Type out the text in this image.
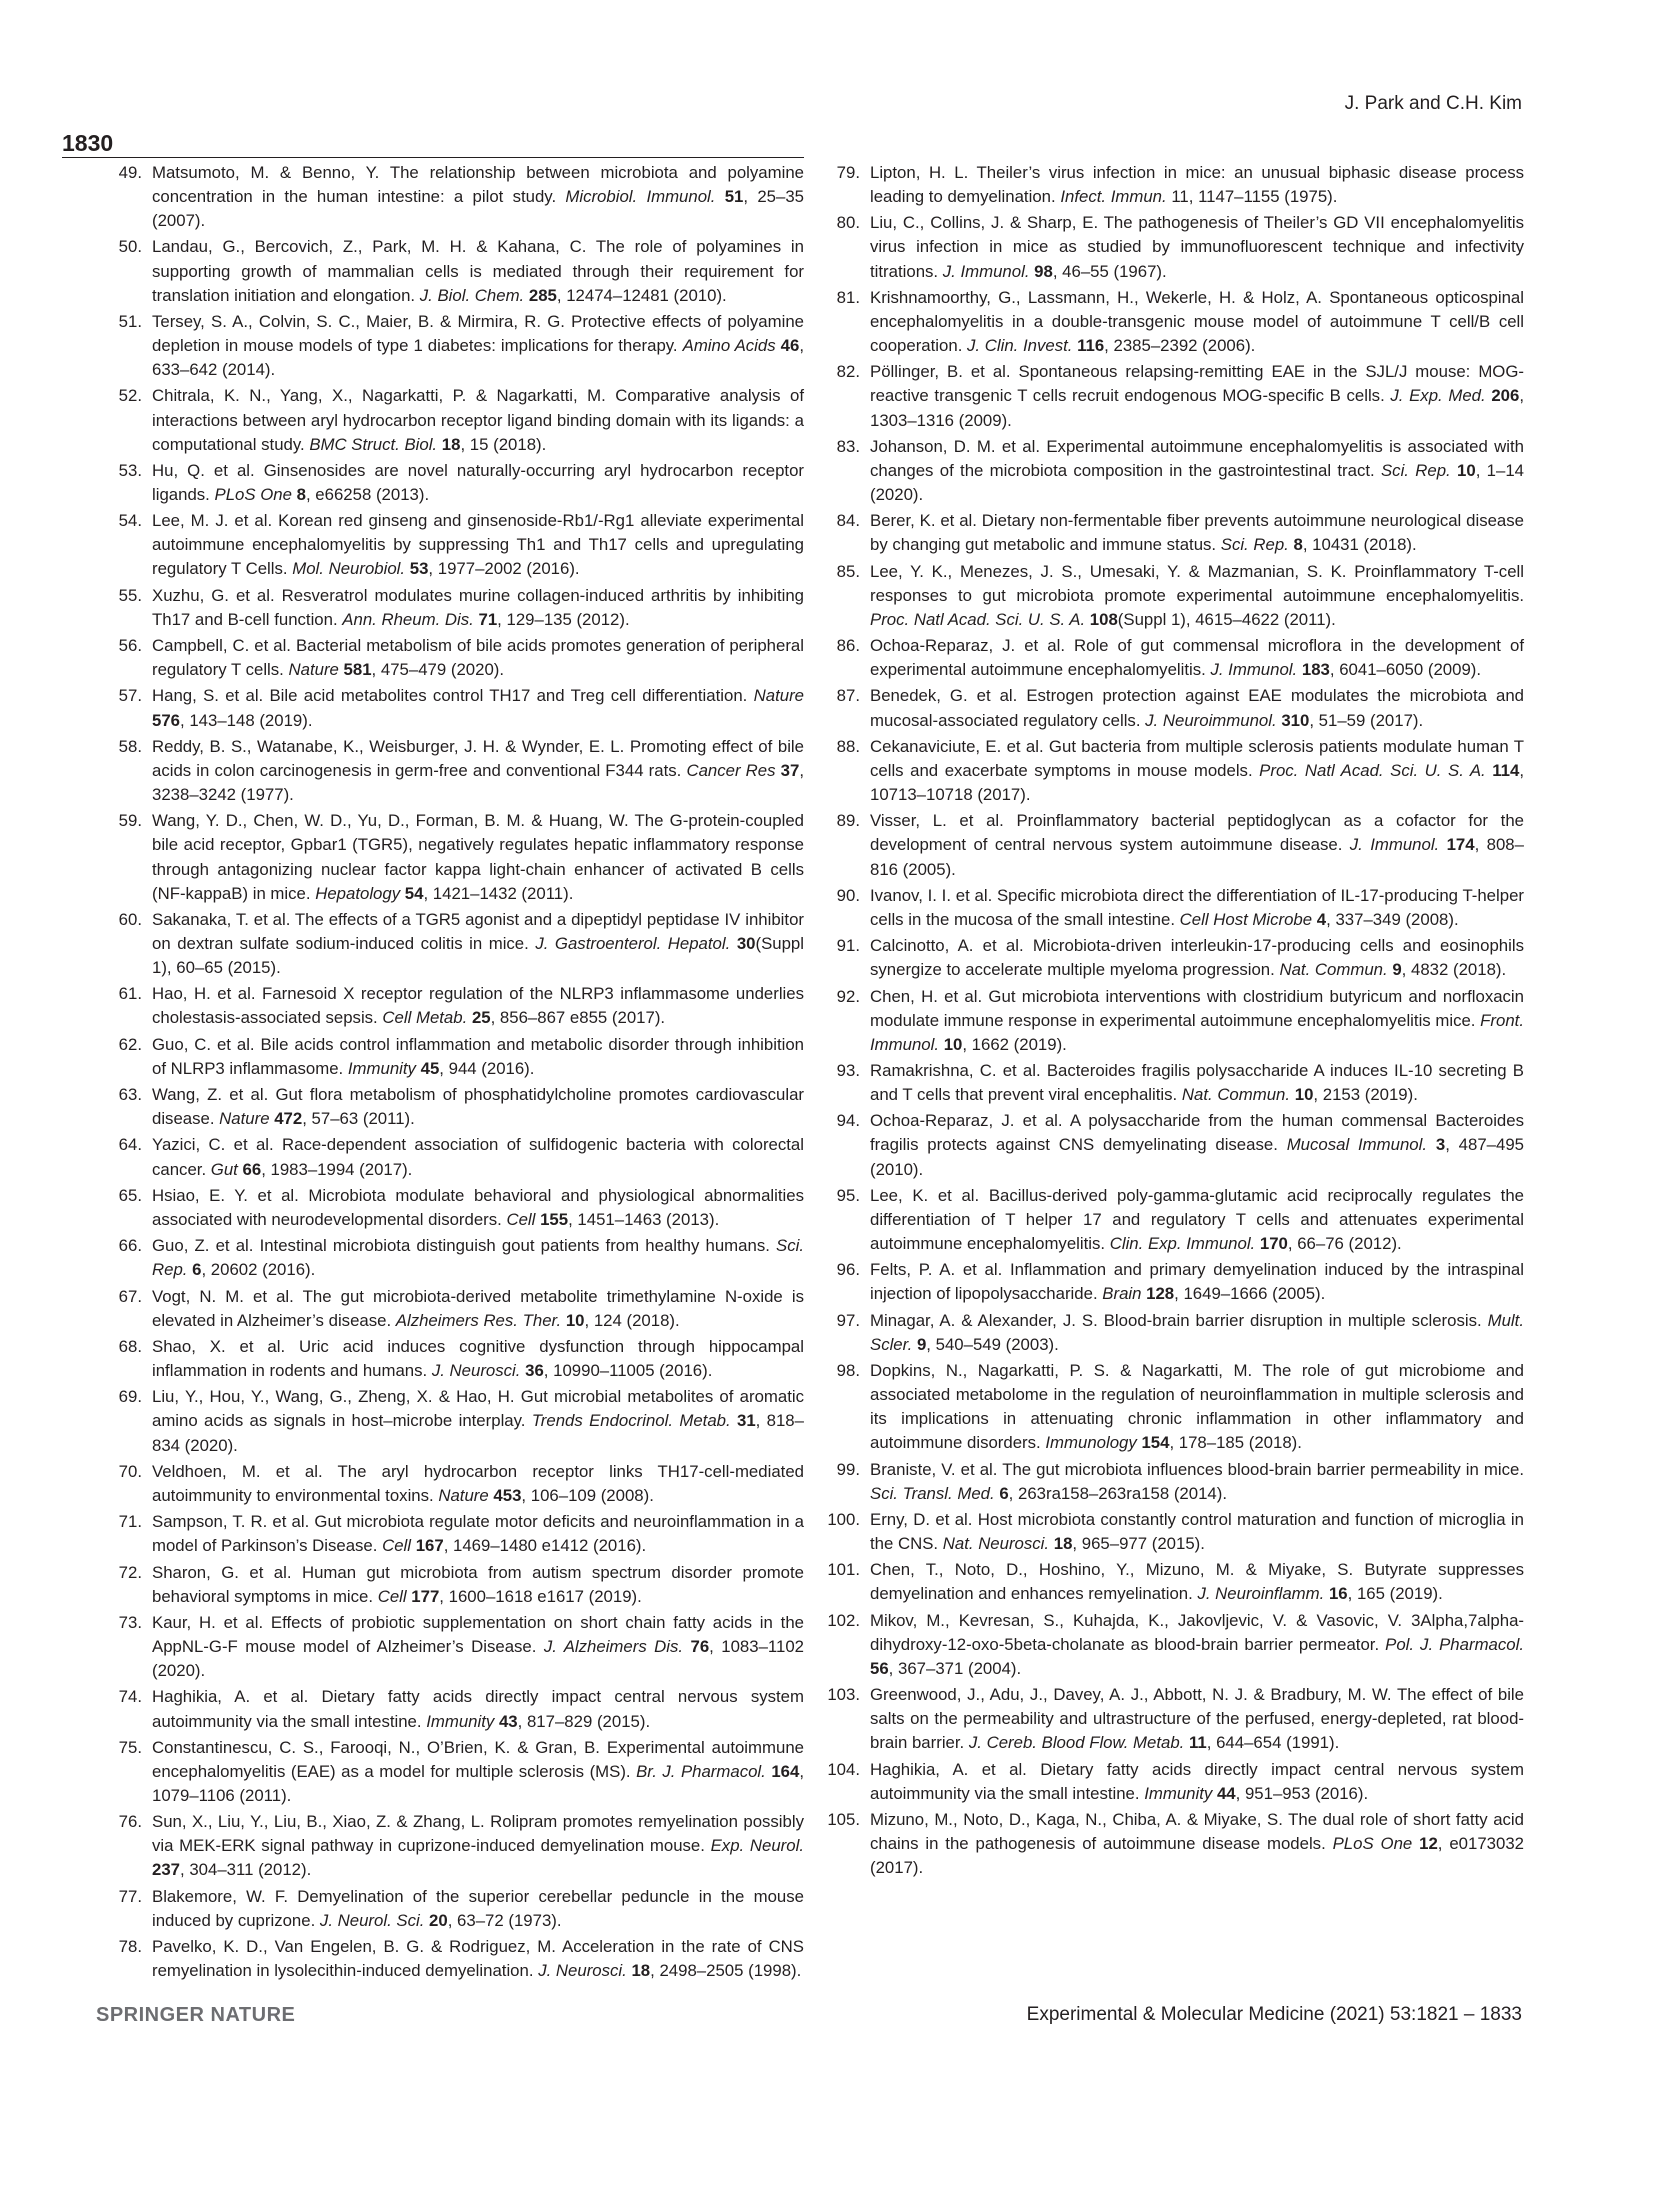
J. Park and C.H. Kim
1830
49. Matsumoto, M. & Benno, Y. The relationship between microbiota and polyamine concentration in the human intestine: a pilot study. Microbiol. Immunol. 51, 25–35 (2007).
50. Landau, G., Bercovich, Z., Park, M. H. & Kahana, C. The role of polyamines in supporting growth of mammalian cells is mediated through their requirement for translation initiation and elongation. J. Biol. Chem. 285, 12474–12481 (2010).
51. Tersey, S. A., Colvin, S. C., Maier, B. & Mirmira, R. G. Protective effects of polyamine depletion in mouse models of type 1 diabetes: implications for therapy. Amino Acids 46, 633–642 (2014).
52. Chitrala, K. N., Yang, X., Nagarkatti, P. & Nagarkatti, M. Comparative analysis of interactions between aryl hydrocarbon receptor ligand binding domain with its ligands: a computational study. BMC Struct. Biol. 18, 15 (2018).
53. Hu, Q. et al. Ginsenosides are novel naturally-occurring aryl hydrocarbon receptor ligands. PLoS One 8, e66258 (2013).
54. Lee, M. J. et al. Korean red ginseng and ginsenoside-Rb1/-Rg1 alleviate experimental autoimmune encephalomyelitis by suppressing Th1 and Th17 cells and upregulating regulatory T Cells. Mol. Neurobiol. 53, 1977–2002 (2016).
55. Xuzhu, G. et al. Resveratrol modulates murine collagen-induced arthritis by inhibiting Th17 and B-cell function. Ann. Rheum. Dis. 71, 129–135 (2012).
56. Campbell, C. et al. Bacterial metabolism of bile acids promotes generation of peripheral regulatory T cells. Nature 581, 475–479 (2020).
57. Hang, S. et al. Bile acid metabolites control TH17 and Treg cell differentiation. Nature 576, 143–148 (2019).
58. Reddy, B. S., Watanabe, K., Weisburger, J. H. & Wynder, E. L. Promoting effect of bile acids in colon carcinogenesis in germ-free and conventional F344 rats. Cancer Res 37, 3238–3242 (1977).
59. Wang, Y. D., Chen, W. D., Yu, D., Forman, B. M. & Huang, W. The G-protein-coupled bile acid receptor, Gpbar1 (TGR5), negatively regulates hepatic inflammatory response through antagonizing nuclear factor kappa light-chain enhancer of activated B cells (NF-kappaB) in mice. Hepatology 54, 1421–1432 (2011).
60. Sakanaka, T. et al. The effects of a TGR5 agonist and a dipeptidyl peptidase IV inhibitor on dextran sulfate sodium-induced colitis in mice. J. Gastroenterol. Hepatol. 30(Suppl 1), 60–65 (2015).
61. Hao, H. et al. Farnesoid X receptor regulation of the NLRP3 inflammasome underlies cholestasis-associated sepsis. Cell Metab. 25, 856–867 e855 (2017).
62. Guo, C. et al. Bile acids control inflammation and metabolic disorder through inhibition of NLRP3 inflammasome. Immunity 45, 944 (2016).
63. Wang, Z. et al. Gut flora metabolism of phosphatidylcholine promotes cardiovascular disease. Nature 472, 57–63 (2011).
64. Yazici, C. et al. Race-dependent association of sulfidogenic bacteria with colorectal cancer. Gut 66, 1983–1994 (2017).
65. Hsiao, E. Y. et al. Microbiota modulate behavioral and physiological abnormalities associated with neurodevelopmental disorders. Cell 155, 1451–1463 (2013).
66. Guo, Z. et al. Intestinal microbiota distinguish gout patients from healthy humans. Sci. Rep. 6, 20602 (2016).
67. Vogt, N. M. et al. The gut microbiota-derived metabolite trimethylamine N-oxide is elevated in Alzheimer’s disease. Alzheimers Res. Ther. 10, 124 (2018).
68. Shao, X. et al. Uric acid induces cognitive dysfunction through hippocampal inflammation in rodents and humans. J. Neurosci. 36, 10990–11005 (2016).
69. Liu, Y., Hou, Y., Wang, G., Zheng, X. & Hao, H. Gut microbial metabolites of aromatic amino acids as signals in host–microbe interplay. Trends Endocrinol. Metab. 31, 818–834 (2020).
70. Veldhoen, M. et al. The aryl hydrocarbon receptor links TH17-cell-mediated autoimmunity to environmental toxins. Nature 453, 106–109 (2008).
71. Sampson, T. R. et al. Gut microbiota regulate motor deficits and neuroinflammation in a model of Parkinson’s Disease. Cell 167, 1469–1480 e1412 (2016).
72. Sharon, G. et al. Human gut microbiota from autism spectrum disorder promote behavioral symptoms in mice. Cell 177, 1600–1618 e1617 (2019).
73. Kaur, H. et al. Effects of probiotic supplementation on short chain fatty acids in the AppNL-G-F mouse model of Alzheimer’s Disease. J. Alzheimers Dis. 76, 1083–1102 (2020).
74. Haghikia, A. et al. Dietary fatty acids directly impact central nervous system autoimmunity via the small intestine. Immunity 43, 817–829 (2015).
75. Constantinescu, C. S., Farooqi, N., O’Brien, K. & Gran, B. Experimental autoimmune encephalomyelitis (EAE) as a model for multiple sclerosis (MS). Br. J. Pharmacol. 164, 1079–1106 (2011).
76. Sun, X., Liu, Y., Liu, B., Xiao, Z. & Zhang, L. Rolipram promotes remyelination possibly via MEK-ERK signal pathway in cuprizone-induced demyelination mouse. Exp. Neurol. 237, 304–311 (2012).
77. Blakemore, W. F. Demyelination of the superior cerebellar peduncle in the mouse induced by cuprizone. J. Neurol. Sci. 20, 63–72 (1973).
78. Pavelko, K. D., Van Engelen, B. G. & Rodriguez, M. Acceleration in the rate of CNS remyelination in lysolecithin-induced demyelination. J. Neurosci. 18, 2498–2505 (1998).
79. Lipton, H. L. Theiler’s virus infection in mice: an unusual biphasic disease process leading to demyelination. Infect. Immun. 11, 1147–1155 (1975).
80. Liu, C., Collins, J. & Sharp, E. The pathogenesis of Theiler’s GD VII encephalomyelitis virus infection in mice as studied by immunofluorescent technique and infectivity titrations. J. Immunol. 98, 46–55 (1967).
81. Krishnamoorthy, G., Lassmann, H., Wekerle, H. & Holz, A. Spontaneous opticospinal encephalomyelitis in a double-transgenic mouse model of autoimmune T cell/B cell cooperation. J. Clin. Invest. 116, 2385–2392 (2006).
82. Pöllinger, B. et al. Spontaneous relapsing-remitting EAE in the SJL/J mouse: MOG-reactive transgenic T cells recruit endogenous MOG-specific B cells. J. Exp. Med. 206, 1303–1316 (2009).
83. Johanson, D. M. et al. Experimental autoimmune encephalomyelitis is associated with changes of the microbiota composition in the gastrointestinal tract. Sci. Rep. 10, 1–14 (2020).
84. Berer, K. et al. Dietary non-fermentable fiber prevents autoimmune neurological disease by changing gut metabolic and immune status. Sci. Rep. 8, 10431 (2018).
85. Lee, Y. K., Menezes, J. S., Umesaki, Y. & Mazmanian, S. K. Proinflammatory T-cell responses to gut microbiota promote experimental autoimmune encephalomyelitis. Proc. Natl Acad. Sci. U. S. A. 108(Suppl 1), 4615–4622 (2011).
86. Ochoa-Reparaz, J. et al. Role of gut commensal microflora in the development of experimental autoimmune encephalomyelitis. J. Immunol. 183, 6041–6050 (2009).
87. Benedek, G. et al. Estrogen protection against EAE modulates the microbiota and mucosal-associated regulatory cells. J. Neuroimmunol. 310, 51–59 (2017).
88. Cekanaviciute, E. et al. Gut bacteria from multiple sclerosis patients modulate human T cells and exacerbate symptoms in mouse models. Proc. Natl Acad. Sci. U. S. A. 114, 10713–10718 (2017).
89. Visser, L. et al. Proinflammatory bacterial peptidoglycan as a cofactor for the development of central nervous system autoimmune disease. J. Immunol. 174, 808–816 (2005).
90. Ivanov, I. I. et al. Specific microbiota direct the differentiation of IL-17-producing T-helper cells in the mucosa of the small intestine. Cell Host Microbe 4, 337–349 (2008).
91. Calcinotto, A. et al. Microbiota-driven interleukin-17-producing cells and eosinophils synergize to accelerate multiple myeloma progression. Nat. Commun. 9, 4832 (2018).
92. Chen, H. et al. Gut microbiota interventions with clostridium butyricum and norfloxacin modulate immune response in experimental autoimmune encephalomyelitis mice. Front. Immunol. 10, 1662 (2019).
93. Ramakrishna, C. et al. Bacteroides fragilis polysaccharide A induces IL-10 secreting B and T cells that prevent viral encephalitis. Nat. Commun. 10, 2153 (2019).
94. Ochoa-Reparaz, J. et al. A polysaccharide from the human commensal Bacteroides fragilis protects against CNS demyelinating disease. Mucosal Immunol. 3, 487–495 (2010).
95. Lee, K. et al. Bacillus-derived poly-gamma-glutamic acid reciprocally regulates the differentiation of T helper 17 and regulatory T cells and attenuates experimental autoimmune encephalomyelitis. Clin. Exp. Immunol. 170, 66–76 (2012).
96. Felts, P. A. et al. Inflammation and primary demyelination induced by the intraspinal injection of lipopolysaccharide. Brain 128, 1649–1666 (2005).
97. Minagar, A. & Alexander, J. S. Blood-brain barrier disruption in multiple sclerosis. Mult. Scler. 9, 540–549 (2003).
98. Dopkins, N., Nagarkatti, P. S. & Nagarkatti, M. The role of gut microbiome and associated metabolome in the regulation of neuroinflammation in multiple sclerosis and its implications in attenuating chronic inflammation in other inflammatory and autoimmune disorders. Immunology 154, 178–185 (2018).
99. Braniste, V. et al. The gut microbiota influences blood-brain barrier permeability in mice. Sci. Transl. Med. 6, 263ra158–263ra158 (2014).
100. Erny, D. et al. Host microbiota constantly control maturation and function of microglia in the CNS. Nat. Neurosci. 18, 965–977 (2015).
101. Chen, T., Noto, D., Hoshino, Y., Mizuno, M. & Miyake, S. Butyrate suppresses demyelination and enhances remyelination. J. Neuroinflamm. 16, 165 (2019).
102. Mikov, M., Kevresan, S., Kuhajda, K., Jakovljevic, V. & Vasovic, V. 3Alpha,7alpha-dihydroxy-12-oxo-5beta-cholanate as blood-brain barrier permeator. Pol. J. Pharmacol. 56, 367–371 (2004).
103. Greenwood, J., Adu, J., Davey, A. J., Abbott, N. J. & Bradbury, M. W. The effect of bile salts on the permeability and ultrastructure of the perfused, energy-depleted, rat blood-brain barrier. J. Cereb. Blood Flow. Metab. 11, 644–654 (1991).
104. Haghikia, A. et al. Dietary fatty acids directly impact central nervous system autoimmunity via the small intestine. Immunity 44, 951–953 (2016).
105. Mizuno, M., Noto, D., Kaga, N., Chiba, A. & Miyake, S. The dual role of short fatty acid chains in the pathogenesis of autoimmune disease models. PLoS One 12, e0173032 (2017).
SPRINGER NATURE	Experimental & Molecular Medicine (2021) 53:1821 – 1833
